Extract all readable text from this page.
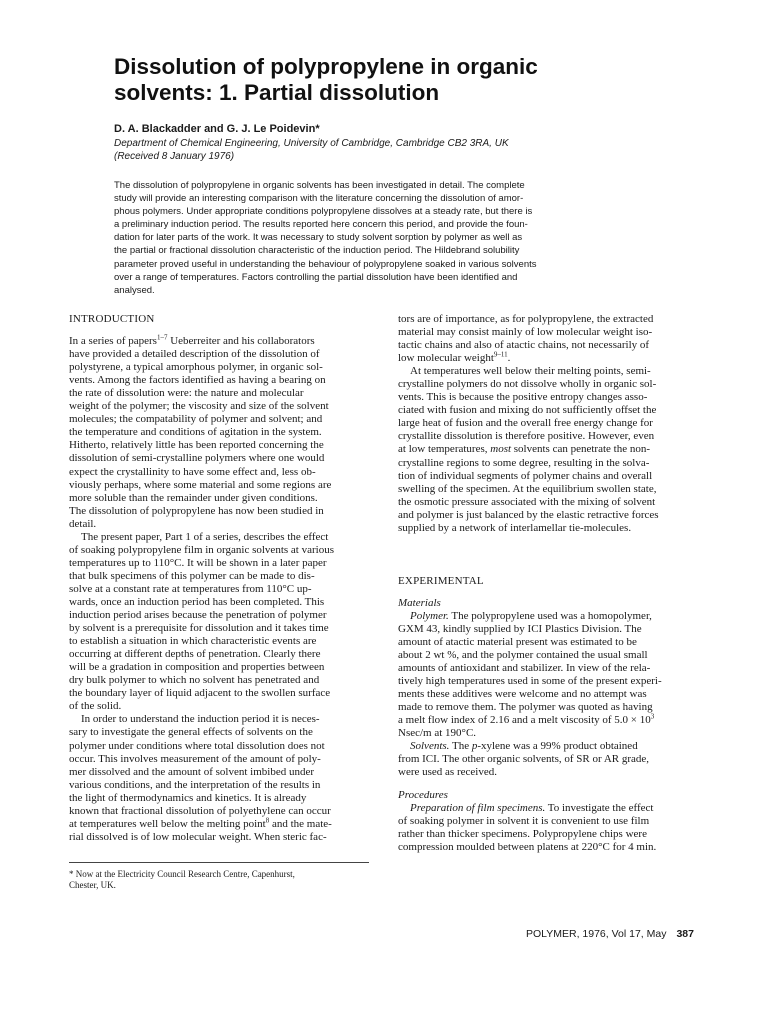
Dissolution of polypropylene in organic
solvents: 1. Partial dissolution

D. A. Blackadder and G. J. Le Poidevin*

Department of Chemical Engineering, University of Cambridge, Cambridge CB2 3RA, UK
(Received 8 January 1976)

The dissolution of polypropylene in organic solvents has been investigated in detail. The complete
study will provide an interesting comparison with the literature concerning the dissolution of amor-
phous polymers. Under appropriate conditions polypropylene dissolves at a steady rate, but there is
a preliminary induction period. The results reported here concern this period, and provide the foun-
dation for later parts of the work. It was necessary to study solvent sorption by polymer as well as
the partial or fractional dissolution characteristic of the induction period. The Hildebrand solubility
parameter proved useful in understanding the behaviour of polypropylene soaked in various solvents
over a range of temperatures. Factors controlling the partial dissolution have been identified and
analysed.
INTRODUCTION
In a series of papers$^{1-7}$ Ueberreiter and his collaborators
have provided a detailed description of the dissolution of
polystyrene, a typical amorphous polymer, in organic sol-
vents. Among the factors identified as having a bearing on
the rate of dissolution were: the nature and molecular
weight of the polymer; the viscosity and size of the solvent
molecules; the compatability of polymer and solvent; and
the temperature and conditions of agitation in the system.
Hitherto, relatively little has been reported concerning the
dissolution of semi-crystalline polymers where one would
expect the crystallinity to have some effect and, less ob-
viously perhaps, where some material and some regions are
more soluble than the remainder under given conditions.
The dissolution of polypropylene has now been studied in
detail.
The present paper, Part 1 of a series, describes the effect
of soaking polypropylene film in organic solvents at various
temperatures up to 110°C. It will be shown in a later paper
that bulk specimens of this polymer can be made to dis-
solve at a constant rate at temperatures from 110°C up-
wards, once an induction period has been completed. This
induction period arises because the penetration of polymer
by solvent is a prerequisite for dissolution and it takes time
to establish a situation in which characteristic events are
occurring at different depths of penetration. Clearly there
will be a gradation in composition and properties between
dry bulk polymer to which no solvent has penetrated and
the boundary layer of liquid adjacent to the swollen surface
of the solid.
In order to understand the induction period it is neces-
sary to investigate the general effects of solvents on the
polymer under conditions where total dissolution does not
occur. This involves measurement of the amount of poly-
mer dissolved and the amount of solvent imbibed under
various conditions, and the interpretation of the results in
the light of thermodynamics and kinetics. It is already
known that fractional dissolution of polyethylene can occur
at temperatures well below the melting point$^8$ and the mate-
rial dissolved is of low molecular weight. When steric fac-
* Now at the Electricity Council Research Centre, Capenhurst,
Chester, UK.
tors are of importance, as for polypropylene, the extracted
material may consist mainly of low molecular weight iso-
tactic chains and also of atactic chains, not necessarily of
low molecular weight$^{9-11}$.
At temperatures well below their melting points, semi-
crystalline polymers do not dissolve wholly in organic sol-
vents. This is because the positive entropy changes asso-
ciated with fusion and mixing do not sufficiently offset the
large heat of fusion and the overall free energy change for
crystallite dissolution is therefore positive. However, even
at low temperatures, most solvents can penetrate the non-
crystalline regions to some degree, resulting in the solva-
tion of individual segments of polymer chains and overall
swelling of the specimen. At the equilibrium swollen state,
the osmotic pressure associated with the mixing of solvent
and polymer is just balanced by the elastic retractive forces
supplied by a network of interlamellar tie-molecules.
EXPERIMENTAL
Materials
Polymer. The polypropylene used was a homopolymer,
GXM 43, kindly supplied by ICI Plastics Division. The
amount of atactic material present was estimated to be
about 2 wt %, and the polymer contained the usual small
amounts of antioxidant and stabilizer. In view of the rela-
tively high temperatures used in some of the present experi-
ments these additives were welcome and no attempt was
made to remove them. The polymer was quoted as having
a melt flow index of 2.16 and a melt viscosity of $5.0 \times 10^3$
Nsec/m at 190°C.
Solvents. The p-xylene was a 99% product obtained
from ICI. The other organic solvents, of SR or AR grade,
were used as received.
Procedures
Preparation of film specimens. To investigate the effect
of soaking polymer in solvent it is convenient to use film
rather than thicker specimens. Polypropylene chips were
compression moulded between platens at 220°C for 4 min.
POLYMER, 1976, Vol 17, May 387
